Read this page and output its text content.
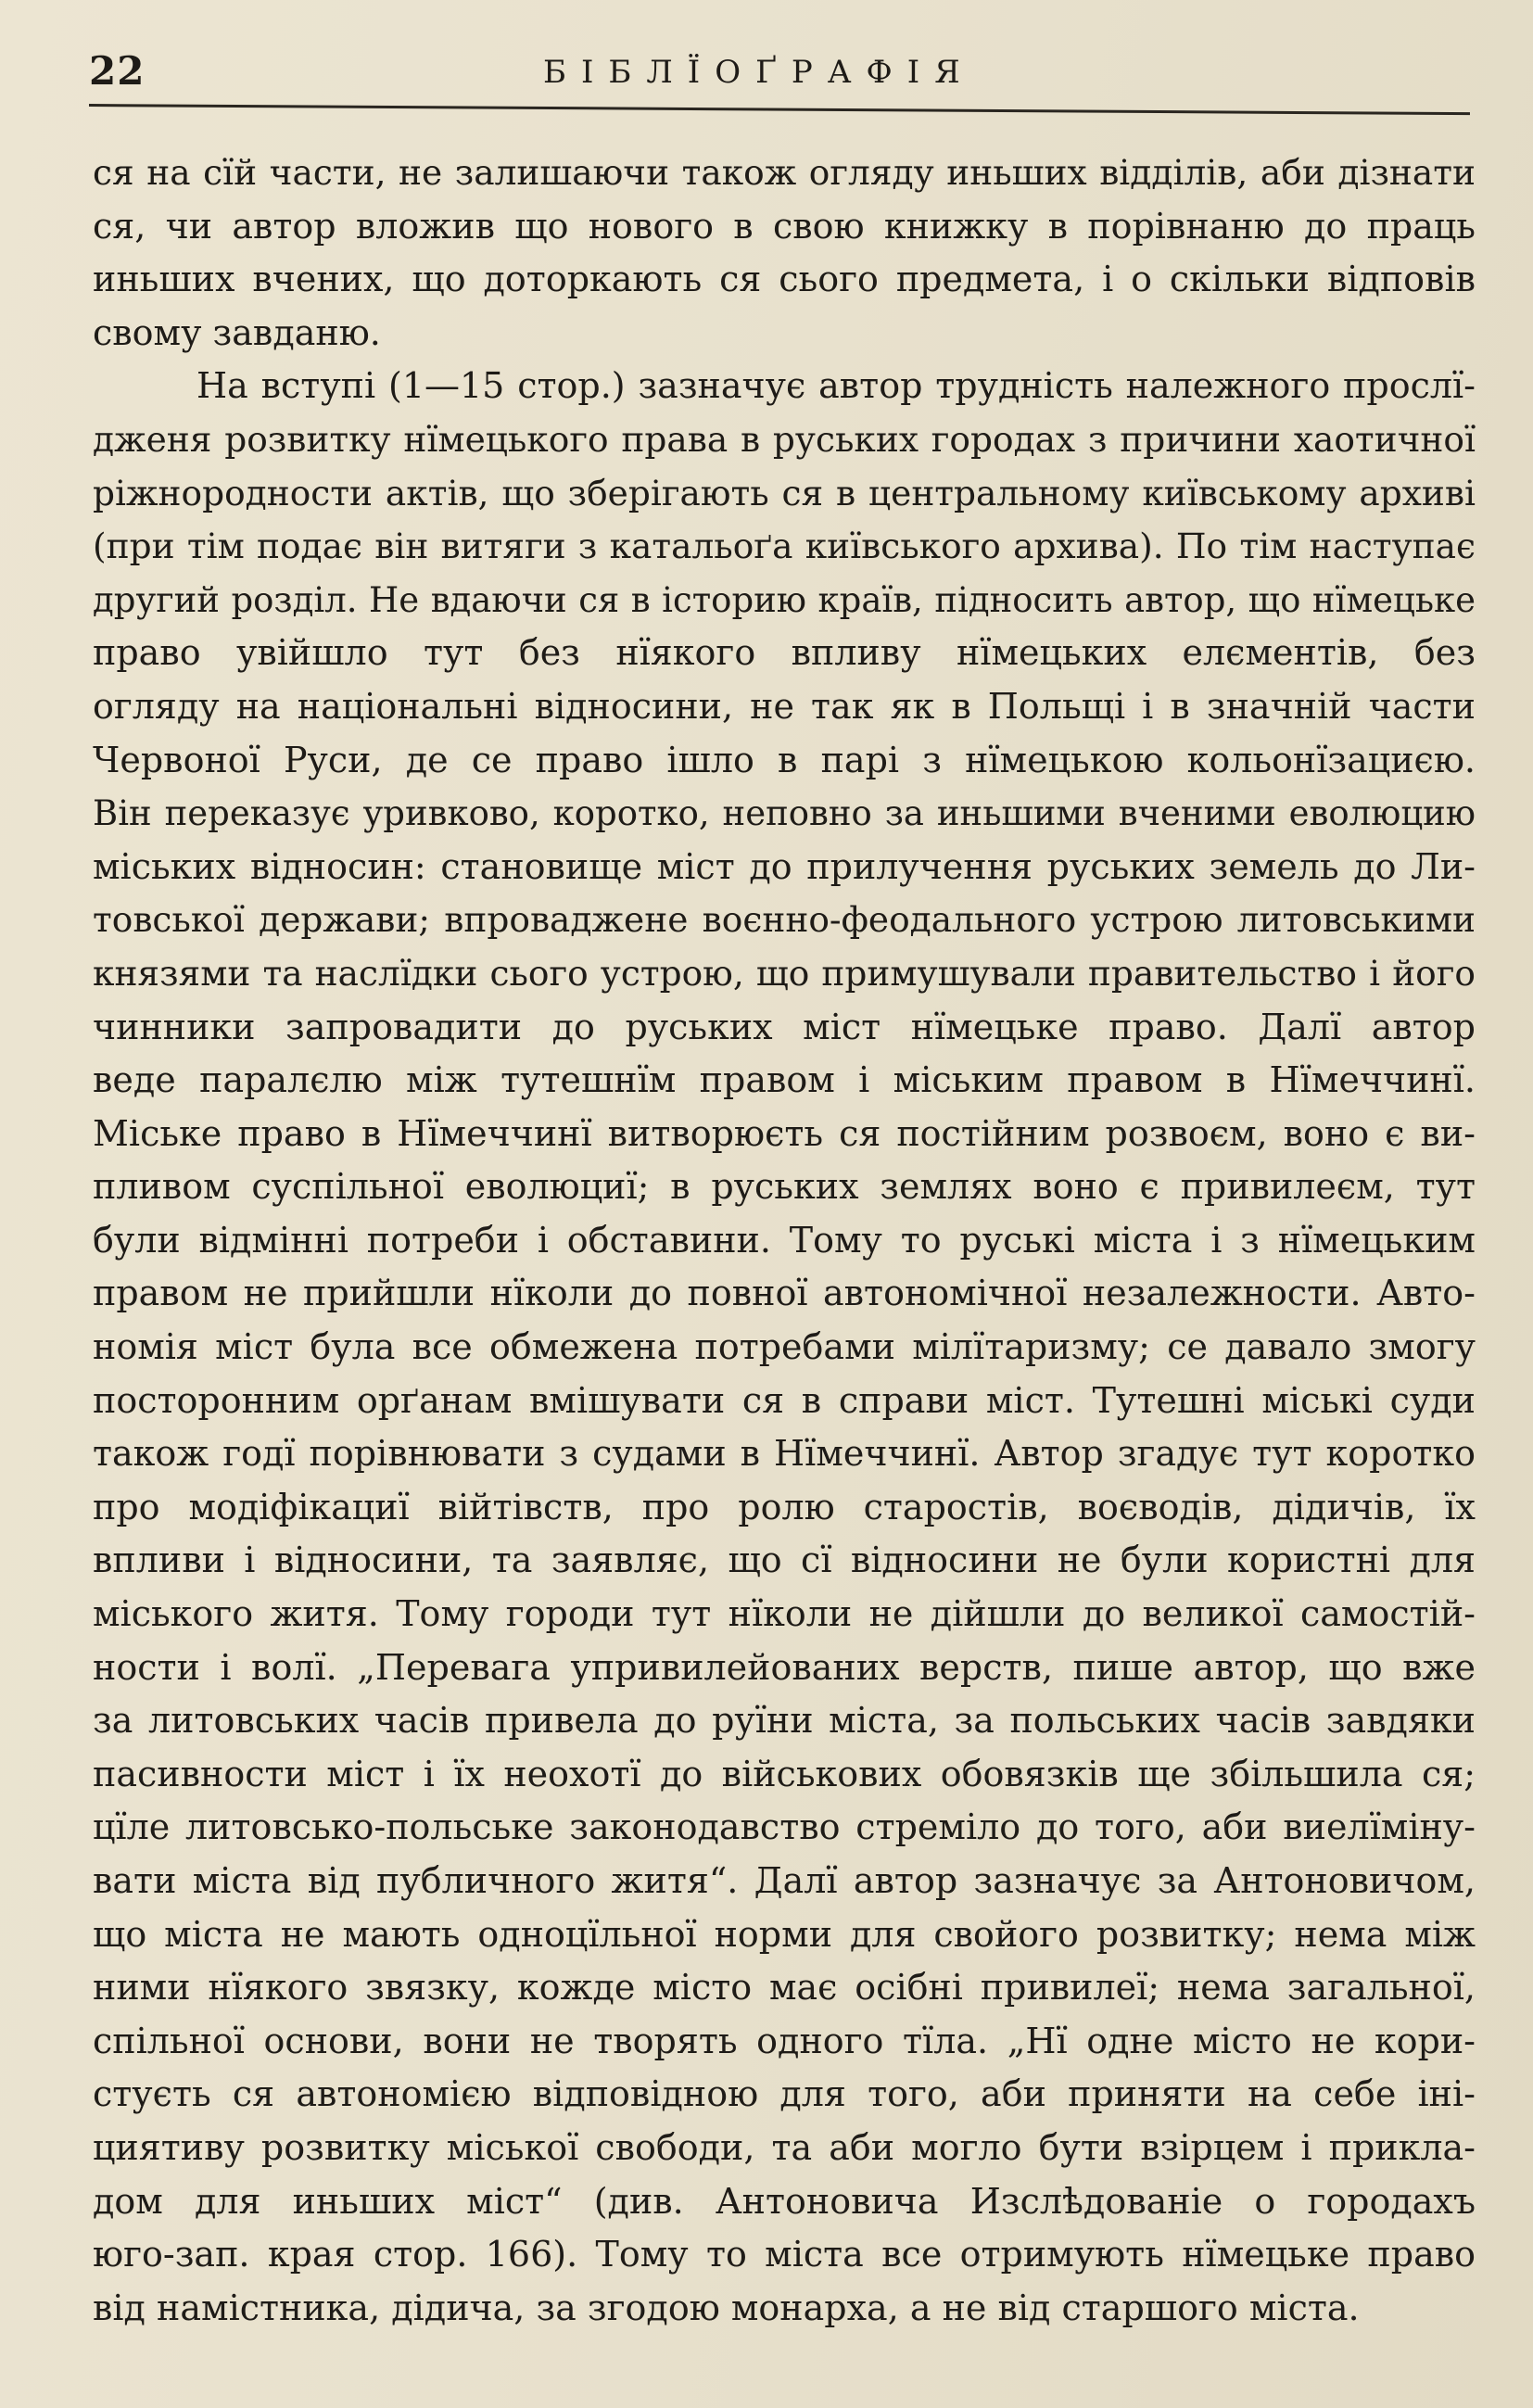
22	БІБЛЇОҐРАФІЯ
ся на сїй части, не залишаючи також огляду иньших відділів, аби дізнати
ся, чи автор вложив що нового в свою книжку в порівнаню до праць
иньших вчених, що доторкають ся сього предмета, і о скільки відповів
свому завданю.
На вступі (1—15 стор.) зазначує автор трудність належного прослї-
дженя розвитку нїмецького права в руських городах з причини хаотичної
ріжнородности актів, що зберігають ся в центральному київському архиві
(при тім подає він витяги з катальоґа київського архива). По тім наступає
другий розділ. Не вдаючи ся в історию країв, підносить автор, що нїмецьке
право увійшло тут без нїякого впливу нїмецьких елєментів, без
огляду на національні відносини, не так як в Польщі і в значній части
Червоної Руси, де се право ішло в парі з нїмецькою кольонїзациєю.
Він переказує уривково, коротко, неповно за иньшими вченими еволюцию
міських відносин: становище міст до прилучення руських земель до Ли-
товської держави; впроваджене воєнно-феодального устрою литовськими
князями та наслїдки сього устрою, що примушували правительство і його
чинники запровадити до руських міст нїмецьке право. Далї автор
веде паралєлю між тутешнїм правом і міським правом в Нїмеччинї.
Міське право в Нїмеччинї витворюєть ся постійним розвоєм, воно є ви-
пливом суспільної еволюциї; в руських землях воно є привилеєм, тут
були відмінні потреби і обставини. Тому то руські міста і з нїмецьким
правом не прийшли нїколи до повної автономічної незалежности. Авто-
номія міст була все обмежена потребами мілїтаризму; се давало змогу
посторонним орґанам вмішувати ся в справи міст. Тутешні міські суди
також годї порівнювати з судами в Нїмеччинї. Автор згадує тут коротко
про модіфікациї війтівств, про ролю старостів, воєводів, дідичів, їх
впливи і відносини, та заявляє, що сї відносини не були користні для
міського житя. Тому городи тут нїколи не дійшли до великої самостій-
ности і волї. „Перевага упривилейованих верств, пише автор, що вже
за литовських часів привела до руїни міста, за польських часів завдяки
пасивности міст і їх неохотї до військових обовязків ще збільшила ся;
цїле литовсько-польське законодавство стреміло до того, аби виелїміну-
вати міста від публичного житя“. Далї автор зазначує за Антоновичом,
що міста не мають одноцїльної норми для свойого розвитку; нема між
ними нїякого звязку, кожде місто має осібні привилеї; нема загальної,
спільної основи, вони не творять одного тїла. „Нї одне місто не кори-
стуєть ся автономією відповідною для того, аби приняти на себе іні-
циятиву розвитку міської свободи, та аби могло бути взірцем і прикла-
дом для иньших міст“ (див. Антоновича Изслѣдованіе о городахъ
юго-зап. края стор. 166). Тому то міста все отримують нїмецьке право
від намістника, дідича, за згодою монарха, а не від старшого міста.
